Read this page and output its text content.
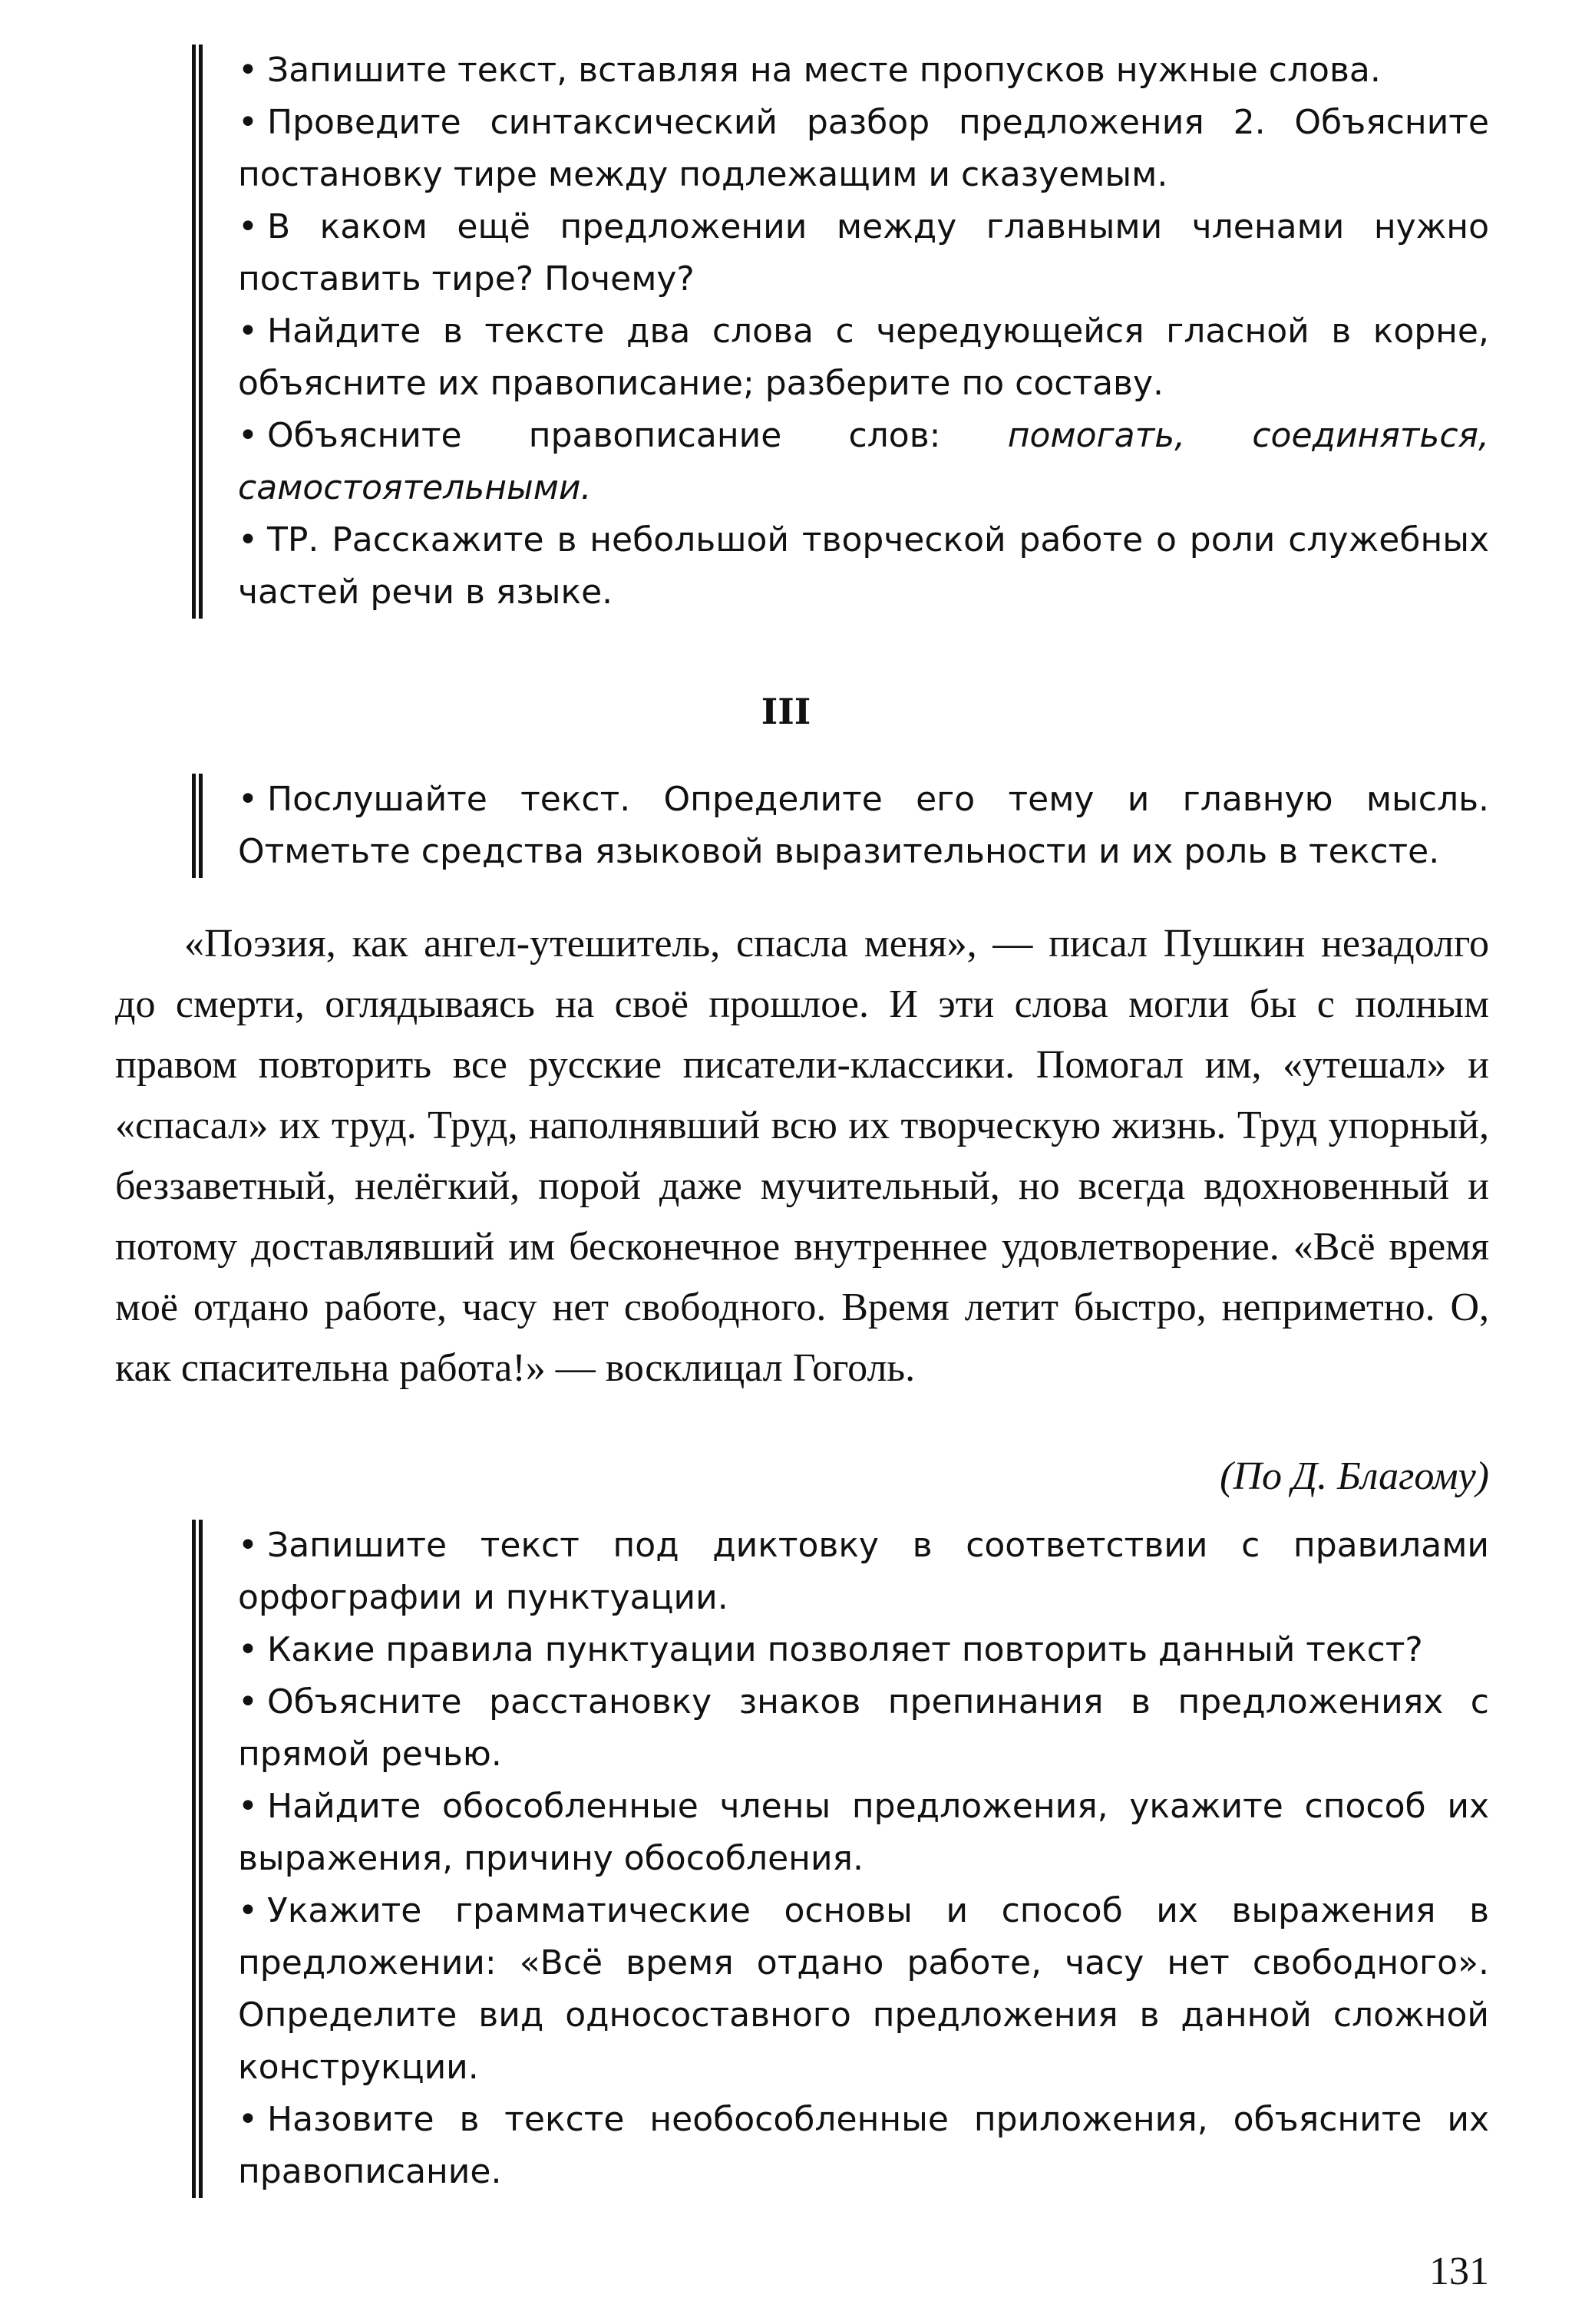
• Запишите текст, вставляя на месте пропусков нужные слова.

• Проведите синтаксический разбор предложения 2. Объясните постановку тире между подлежащим и сказуемым.

• В каком ещё предложении между главными членами нужно поставить тире? Почему?

• Найдите в тексте два слова с чередующейся гласной в корне, объясните их правописание; разберите по составу.

• Объясните правописание слов: помогать, соединяться, самостоятельными.

• ТР. Расскажите в небольшой творческой работе о роли служебных частей речи в языке.

III

• Послушайте текст. Определите его тему и главную мысль. Отметьте средства языковой выразительности и их роль в тексте.

«Поэзия, как ангел-утешитель, спасла меня», — писал Пушкин незадолго до смерти, оглядываясь на своё прошлое. И эти слова могли бы с полным правом повторить все русские писатели-классики. Помогал им, «утешал» и «спасал» их труд. Труд, наполнявший всю их творческую жизнь. Труд упорный, беззаветный, нелёгкий, порой даже мучительный, но всегда вдохновенный и потому доставлявший им бесконечное внутреннее удовлетворение. «Всё время моё отдано работе, часу нет свободного. Время летит быстро, неприметно. О, как спасительна работа!» — восклицал Гоголь.

(По Д. Благому)

• Запишите текст под диктовку в соответствии с правилами орфографии и пунктуации.

• Какие правила пунктуации позволяет повторить данный текст?

• Объясните расстановку знаков препинания в предложениях с прямой речью.

• Найдите обособленные члены предложения, укажите способ их выражения, причину обособления.

• Укажите грамматические основы и способ их выражения в предложении: «Всё время отдано работе, часу нет свободного». Определите вид односоставного предложения в данной сложной конструкции.

• Назовите в тексте необособленные приложения, объясните их правописание.

131
